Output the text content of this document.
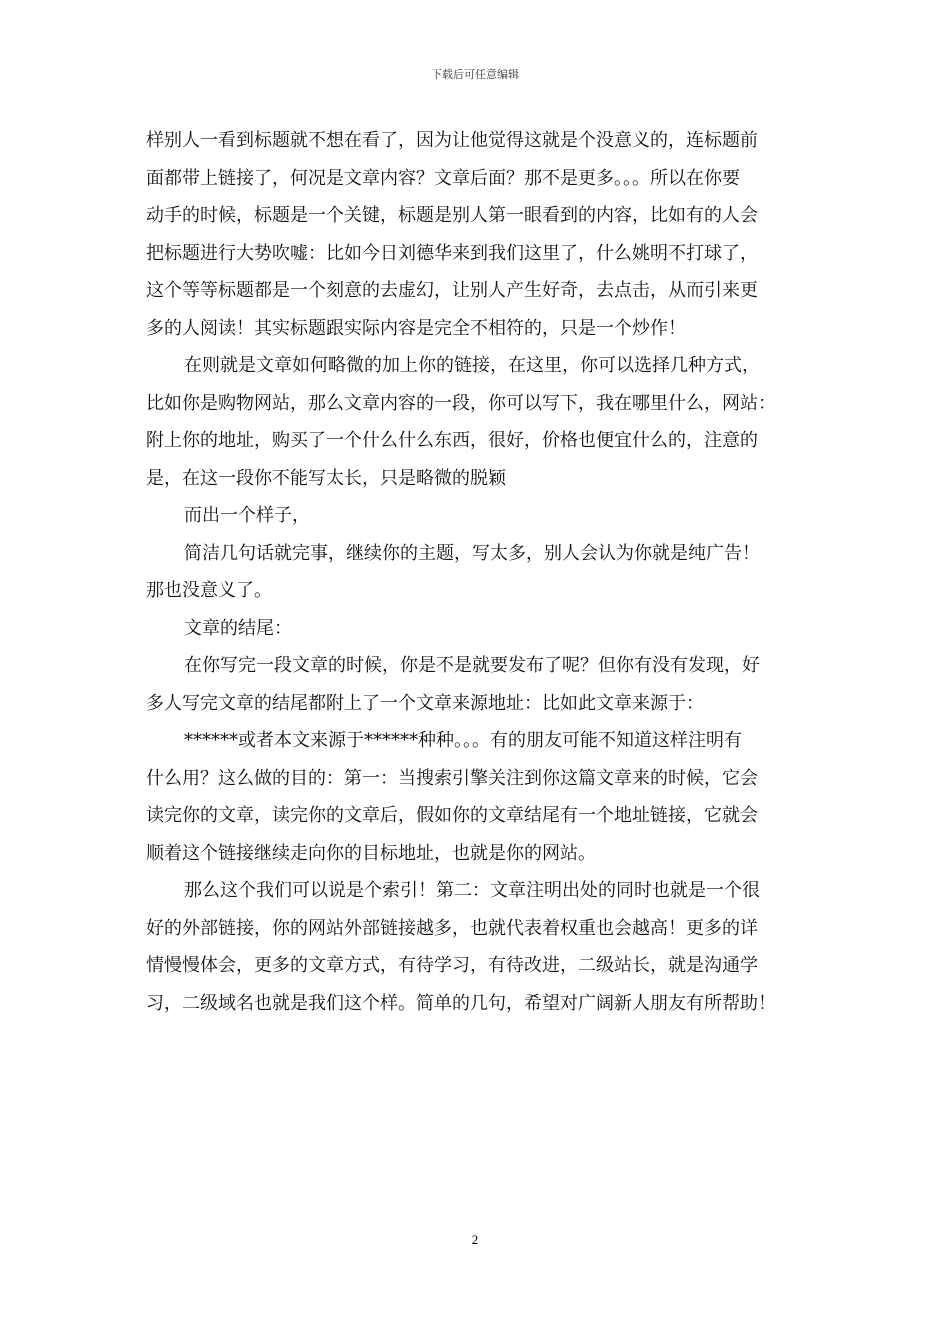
下载后可任意编辑
样别人一看到标题就不想在看了，因为让他觉得这就是个没意义的，连标题前
面都带上链接了，何况是文章内容？文章后面？那不是更多。。。所以在你要
动手的时候，标题是一个关键，标题是别人第一眼看到的内容，比如有的人会
把标题进行大势吹嘘：比如今日刘德华来到我们这里了，什么姚明不打球了，
这个等等标题都是一个刻意的去虚幻，让别人产生好奇，去点击，从而引来更
多的人阅读！其实标题跟实际内容是完全不相符的，只是一个炒作！
在则就是文章如何略微的加上你的链接，在这里，你可以选择几种方式，
比如你是购物网站，那么文章内容的一段，你可以写下，我在哪里什么，网站：
附上你的地址，购买了一个什么什么东西，很好，价格也便宜什么的，注意的
是，在这一段你不能写太长，只是略微的脱颖
而出一个样子，
简洁几句话就完事，继续你的主题，写太多，别人会认为你就是纯广告！
那也没意义了。
文章的结尾：
在你写完一段文章的时候，你是不是就要发布了呢？但你有没有发现，好
多人写完文章的结尾都附上了一个文章来源地址：比如此文章来源于：
******或者本文来源于******种种。。。有的朋友可能不知道这样注明有
什么用？这么做的目的：第一：当搜索引擎关注到你这篇文章来的时候，它会
读完你的文章，读完你的文章后，假如你的文章结尾有一个地址链接，它就会
顺着这个链接继续走向你的目标地址，也就是你的网站。
那么这个我们可以说是个索引！第二：文章注明出处的同时也就是一个很
好的外部链接，你的网站外部链接越多，也就代表着权重也会越高！更多的详
情慢慢体会，更多的文章方式，有待学习，有待改进，二级站长，就是沟通学
习，二级域名也就是我们这个样。简单的几句，希望对广阔新人朋友有所帮助！
2
